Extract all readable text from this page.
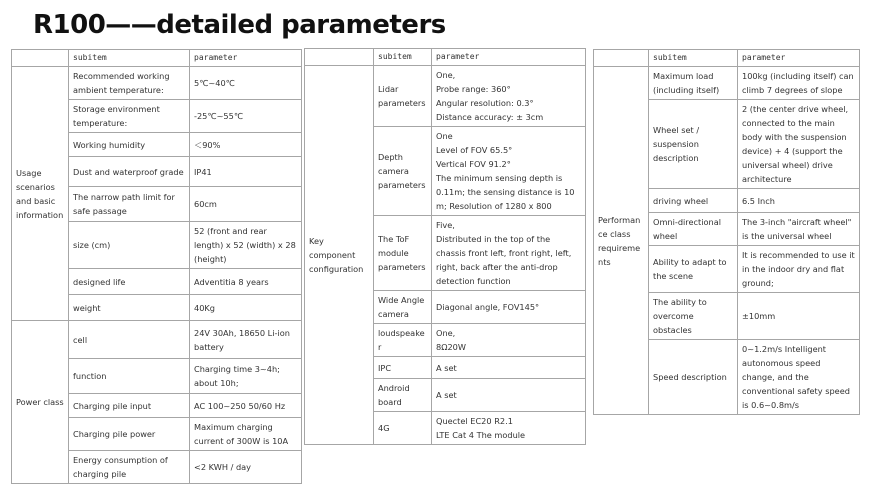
R100——detailed parameters
	subitem	parameter
Usage scenarios and basic information	Recommended working ambient temperature:	5℃~40℃
	Storage environment temperature:	-25℃~55℃
	Working humidity	＜90%
	Dust and waterproof grade	IP41
	The narrow path limit for safe passage	60cm
	size (cm)	52 (front and rear length) x 52 (width) x 28 (height)
	designed life	Adventitia 8 years
	weight	40Kg
Power class	cell	24V 30Ah, 18650 Li-ion battery
	function	Charging time 3~4h; about 10h;
	Charging pile input	AC 100~250 50/60 Hz
	Charging pile power	Maximum charging current of 300W is 10A
	Energy consumption of charging pile	<2 KWH / day
	subitem	parameter
Key component configuration	Lidar parameters	One,
Probe range: 360°
Angular resolution: 0.3°
Distance accuracy: ± 3cm

	Depth camera parameters	One
Level of FOV 65.5°
Vertical FOV 91.2°
The minimum sensing depth is 0.11m; the sensing distance is 10 m; Resolution of 1280 x 800

	The ToF module parameters	Five,
Distributed in the top of the chassis front left, front right, left, right, back after the anti-drop detection function

	Wide Angle camera	Diagonal angle, FOV145°
	loudspeaker	One,
8Ω20W

	IPC	A set
	Android board	A set
	4G	Quectel EC20 R2.1
LTE Cat 4 The module
	subitem	parameter
Performance class requirements	Maximum load (including itself)	100kg (including itself) can climb 7 degrees of slope
	Wheel set / suspension description	2 (the center drive wheel, connected to the main body with the suspension device) + 4 (support the universal wheel) drive architecture
	driving wheel	6.5 Inch
	Omni-directional wheel	The 3-inch "aircraft wheel" is the universal wheel
	Ability to adapt to the scene	It is recommended to use it in the indoor dry and flat ground;
	The ability to overcome obstacles	±10mm
	Speed description	0~1.2m/s Intelligent autonomous speed change, and the conventional safety speed is 0.6~0.8m/s
